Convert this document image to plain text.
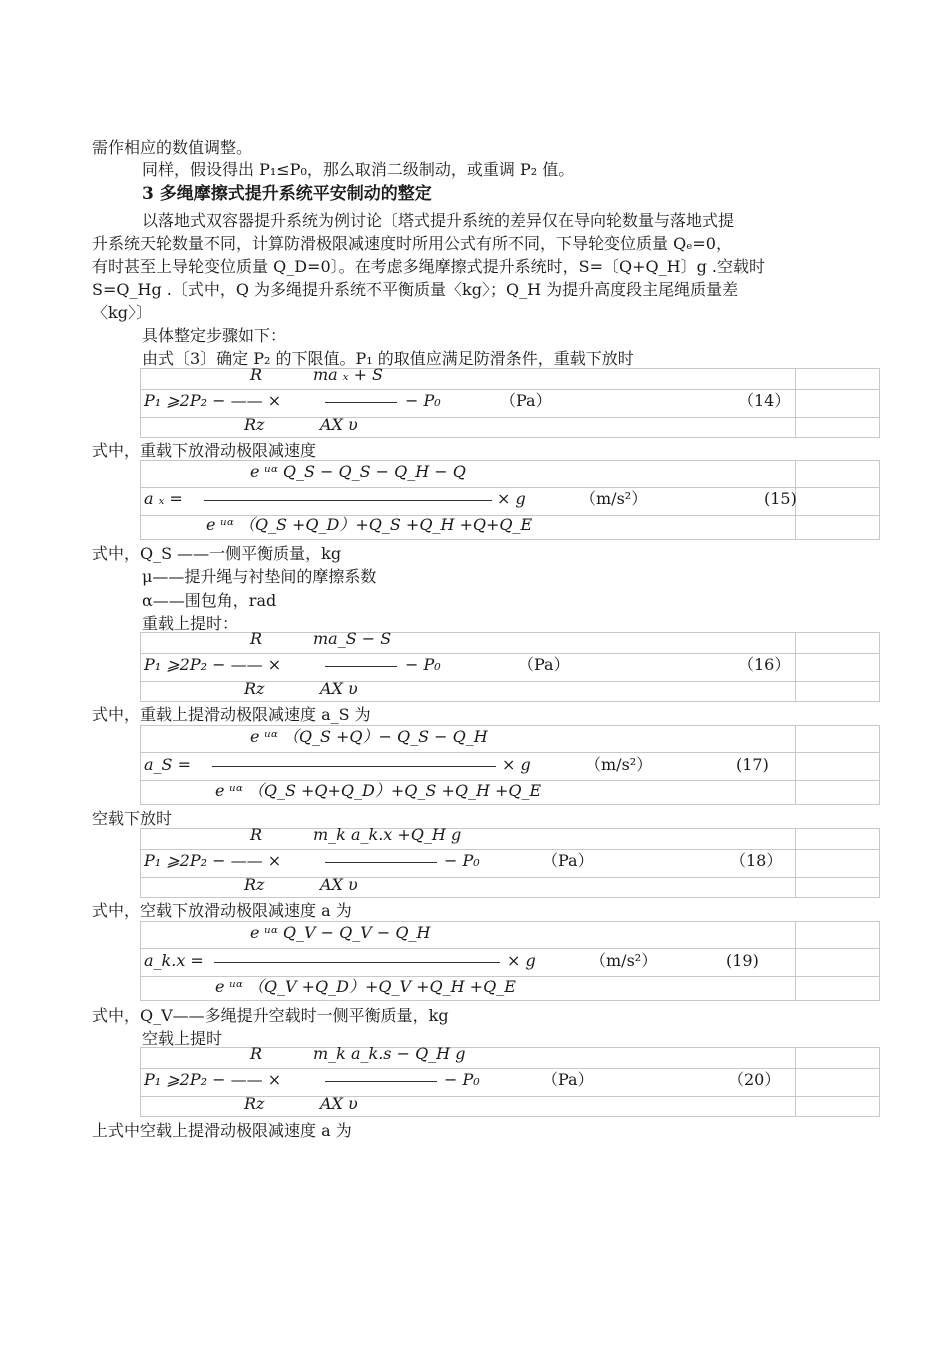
需作相应的数值调整。
同样，假设得出 P₁≤P₀，那么取消二级制动，或重调 P₂ 值。
3 多绳摩擦式提升系统平安制动的整定
以落地式双容器提升系统为例讨论〔塔式提升系统的差异仅在导向轮数量与落地式提
升系统天轮数量不同，计算防滑极限减速度时所用公式有所不同，下导轮变位质量 Qₑ=0，
有时甚至上导轮变位质量 Q_D=0〕。在考虑多绳摩擦式提升系统时，S=〔Q+Q_H〕g .空载时
S=Q_Hg .〔式中，Q 为多绳提升系统不平衡质量〈kg〉；Q_H 为提升高度段主尾绳质量差
〈kg〉〕
具体整定步骤如下：
由式〔3〕确定 P₂ 的下限值。P₁ 的取值应满足防滑条件，重载下放时
R	ma ₓ + S
P₁ ⩾2P₂ − —— ×	− P₀	（Pa）	（14）
Rz	AX υ
式中，重载下放滑动极限减速度
e ᵘᵅ Q_S − Q_S − Q_H − Q
a ₓ =	× g	（m/s²）	(15)
e ᵘᵅ （Q_S +Q_D）+Q_S +Q_H +Q+Q_E
式中，Q_S ——一侧平衡质量，kg
μ——提升绳与衬垫间的摩擦系数
α——围包角，rad
重载上提时：
R	ma_S − S
P₁ ⩾2P₂ − —— ×	− P₀	（Pa）	（16）
Rz	AX υ
式中，重载上提滑动极限减速度 a_S 为
e ᵘᵅ （Q_S +Q）− Q_S − Q_H
a_S =	× g	（m/s²）	(17)
e ᵘᵅ （Q_S +Q+Q_D）+Q_S +Q_H +Q_E
空载下放时
R	m_k a_k.x +Q_H g
P₁ ⩾2P₂ − —— ×	− P₀	（Pa）	（18）
Rz	AX υ
式中，空载下放滑动极限减速度 a 为
e ᵘᵅ Q_V − Q_V − Q_H
a_k.x =	× g	（m/s²）	(19)
e ᵘᵅ （Q_V +Q_D）+Q_V +Q_H +Q_E
式中，Q_V——多绳提升空载时一侧平衡质量，kg
空载上提时
R	m_k a_k.s − Q_H g
P₁ ⩾2P₂ − —— ×	− P₀	（Pa）	（20）
Rz	AX υ
上式中空载上提滑动极限减速度 a 为
